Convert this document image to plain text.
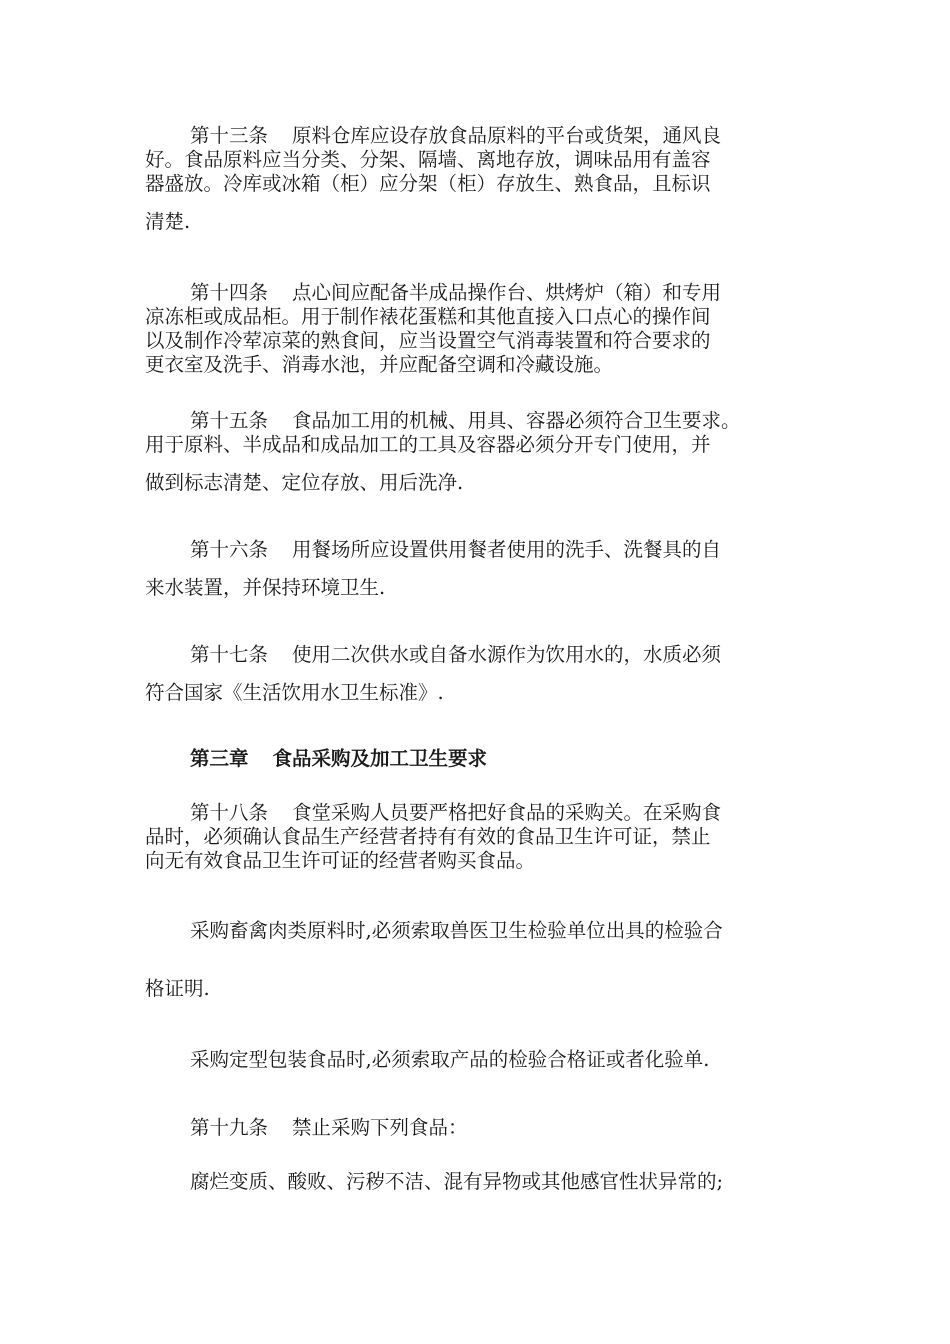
第十三条 原料仓库应设存放食品原料的平台或货架，通风良
好。食品原料应当分类、分架、隔墙、离地存放，调味品用有盖容
器盛放。冷库或冰箱（柜）应分架（柜）存放生、熟食品，且标识
清楚.
第十四条 点心间应配备半成品操作台、烘烤炉（箱）和专用
凉冻柜或成品柜。用于制作裱花蛋糕和其他直接入口点心的操作间
以及制作冷荤凉菜的熟食间，应当设置空气消毒装置和符合要求的
更衣室及洗手、消毒水池，并应配备空调和冷藏设施。
第十五条 食品加工用的机械、用具、容器必须符合卫生要求。
用于原料、半成品和成品加工的工具及容器必须分开专门使用，并
做到标志清楚、定位存放、用后洗净.
第十六条 用餐场所应设置供用餐者使用的洗手、洗餐具的自
来水装置，并保持环境卫生.
第十七条 使用二次供水或自备水源作为饮用水的，水质必须
符合国家《生活饮用水卫生标准》.
第三章 食品采购及加工卫生要求
第十八条 食堂采购人员要严格把好食品的采购关。在采购食
品时，必须确认食品生产经营者持有有效的食品卫生许可证，禁止
向无有效食品卫生许可证的经营者购买食品。
采购畜禽肉类原料时,必须索取兽医卫生检验单位出具的检验合
格证明.
采购定型包装食品时,必须索取产品的检验合格证或者化验单.
第十九条 禁止采购下列食品：
腐烂变质、酸败、污秽不洁、混有异物或其他感官性状异常的;
